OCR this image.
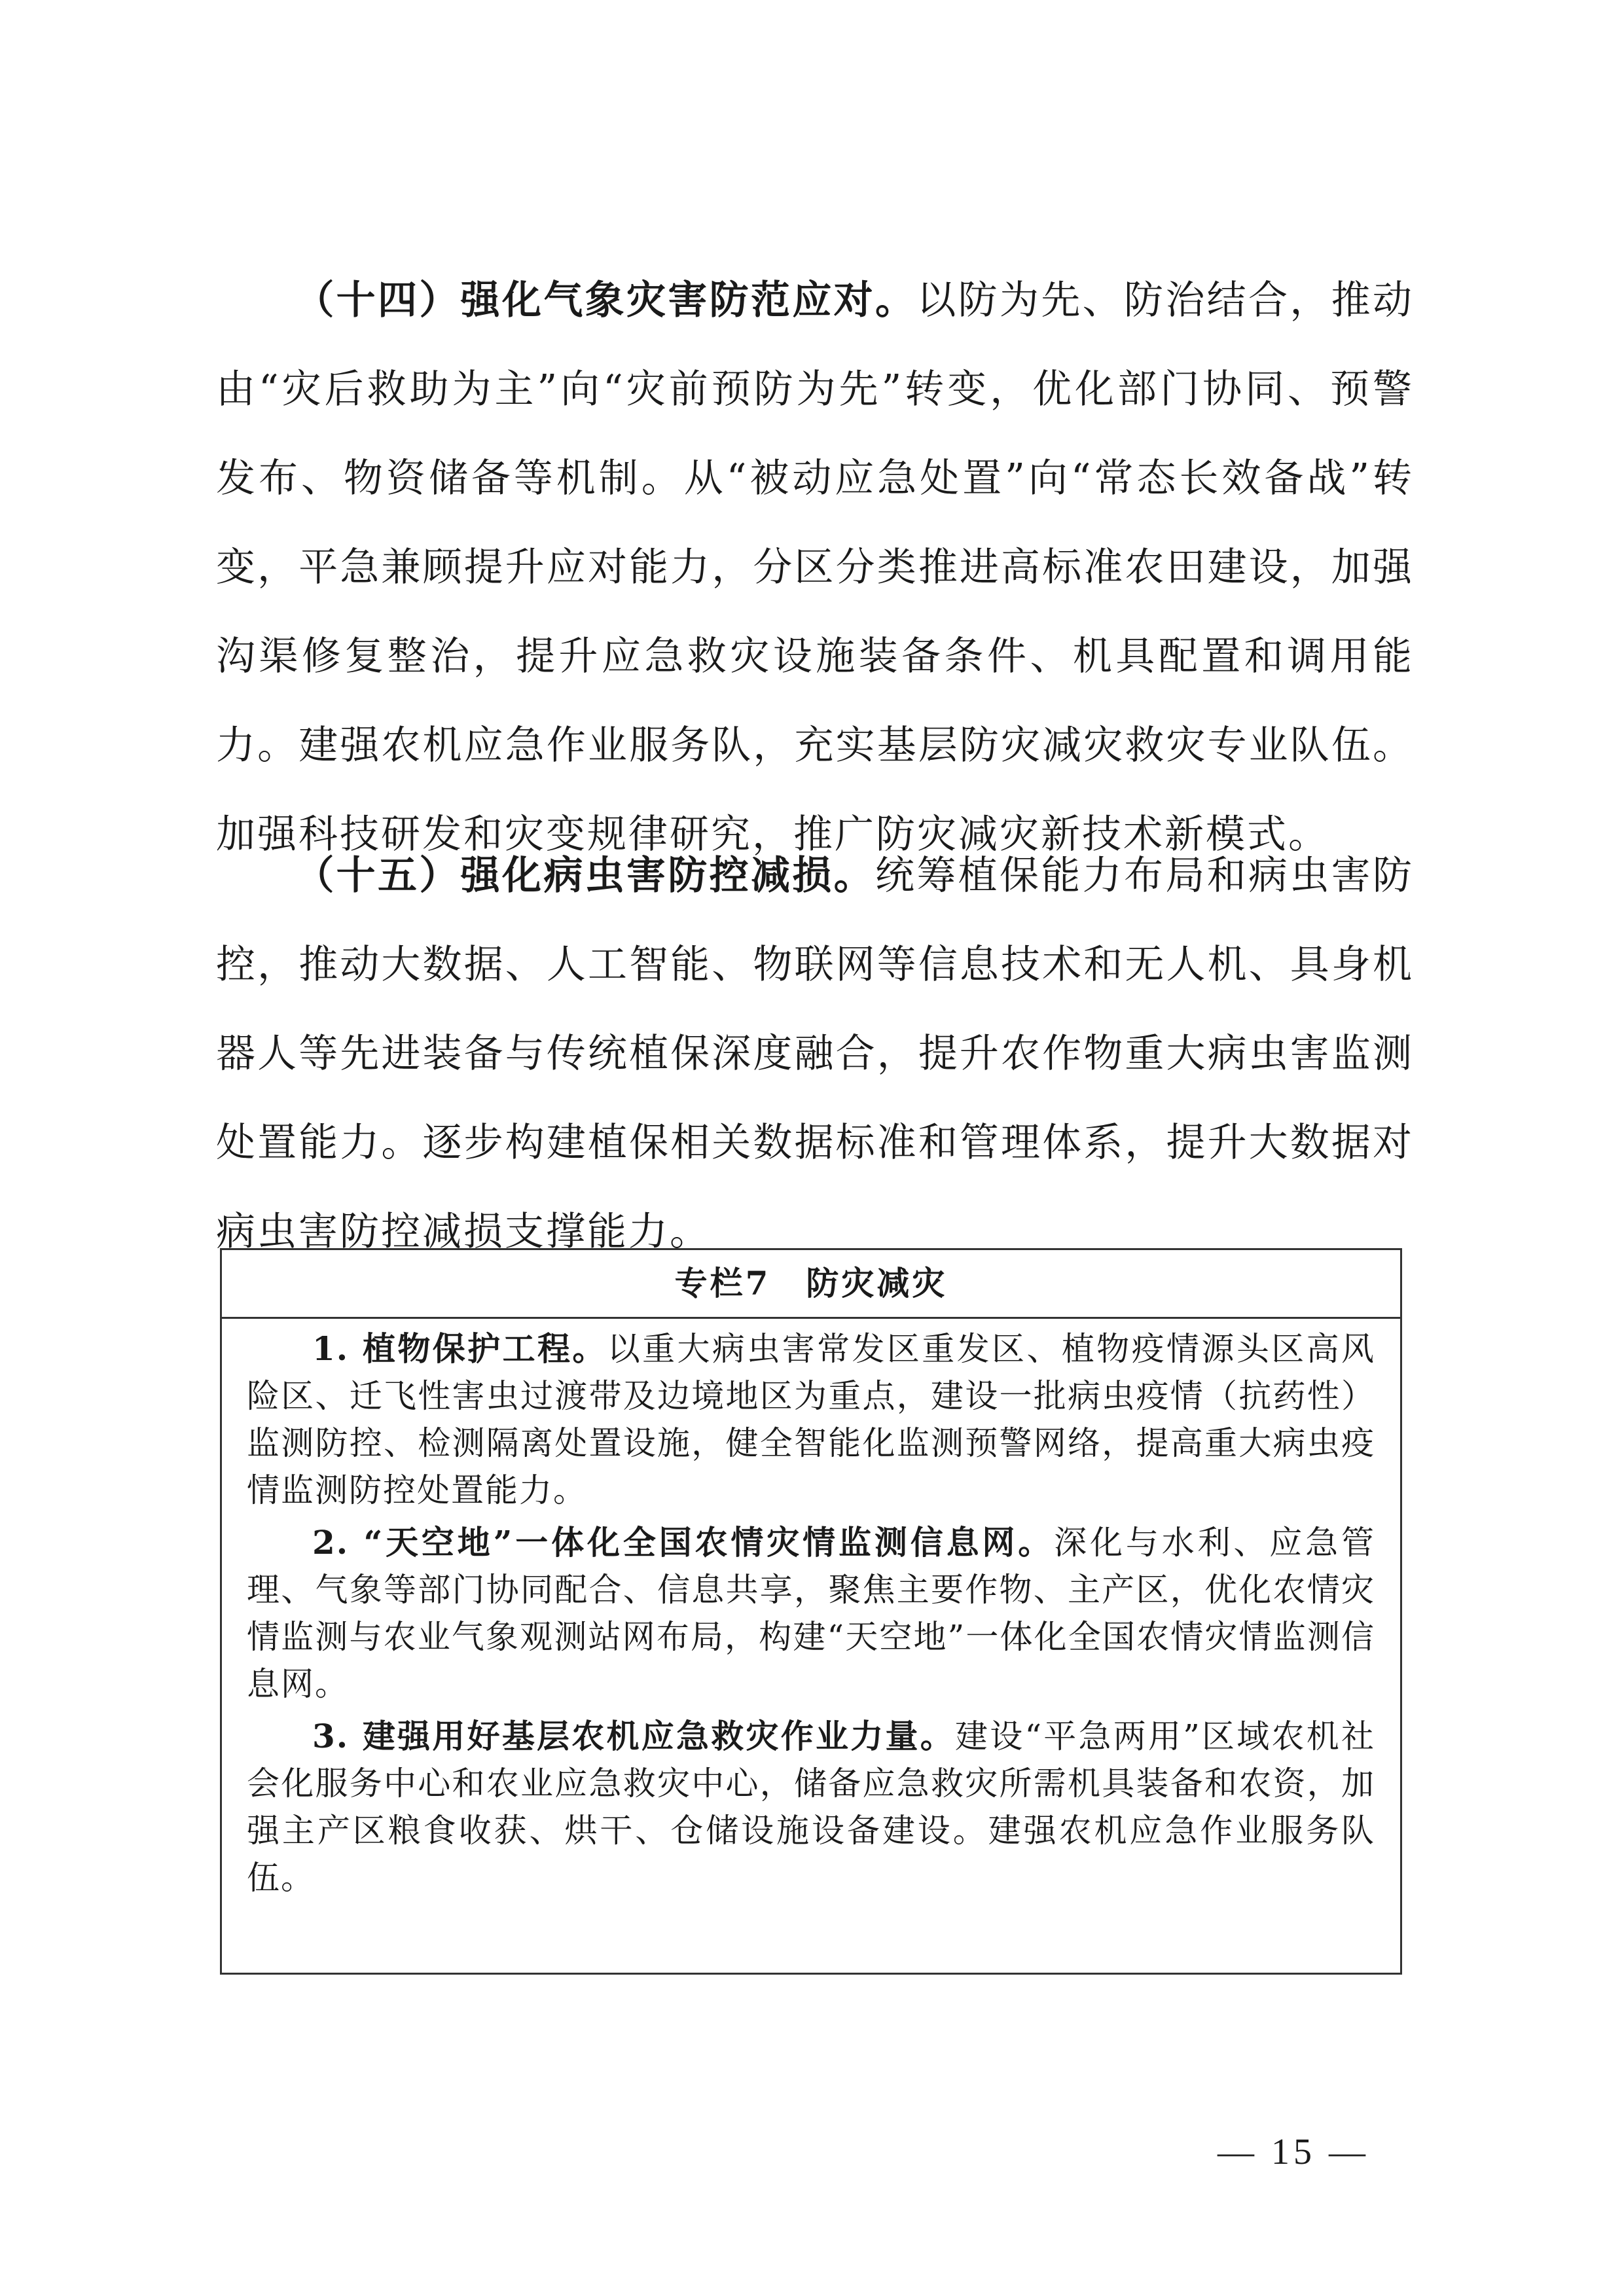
（十四）强化气象灾害防范应对。以防为先、防治结合，推动由“灾后救助为主”向“灾前预防为先”转变，优化部门协同、预警发布、物资储备等机制。从“被动应急处置”向“常态长效备战”转变，平急兼顾提升应对能力，分区分类推进高标准农田建设，加强沟渠修复整治，提升应急救灾设施装备条件、机具配置和调用能力。建强农机应急作业服务队，充实基层防灾减灾救灾专业队伍。加强科技研发和灾变规律研究，推广防灾减灾新技术新模式。

（十五）强化病虫害防控减损。统筹植保能力布局和病虫害防控，推动大数据、人工智能、物联网等信息技术和无人机、具身机器人等先进装备与传统植保深度融合，提升农作物重大病虫害监测处置能力。逐步构建植保相关数据标准和管理体系，提升大数据对病虫害防控减损支撑能力。

专栏7　防灾减灾

1. 植物保护工程。以重大病虫害常发区重发区、植物疫情源头区高风险区、迁飞性害虫过渡带及边境地区为重点，建设一批病虫疫情（抗药性）监测防控、检测隔离处置设施，健全智能化监测预警网络，提高重大病虫疫情监测防控处置能力。

2. “天空地”一体化全国农情灾情监测信息网。深化与水利、应急管理、气象等部门协同配合、信息共享，聚焦主要作物、主产区，优化农情灾情监测与农业气象观测站网布局，构建“天空地”一体化全国农情灾情监测信息网。

3. 建强用好基层农机应急救灾作业力量。建设“平急两用”区域农机社会化服务中心和农业应急救灾中心，储备应急救灾所需机具装备和农资，加强主产区粮食收获、烘干、仓储设施设备建设。建强农机应急作业服务队伍。

— 15 —
